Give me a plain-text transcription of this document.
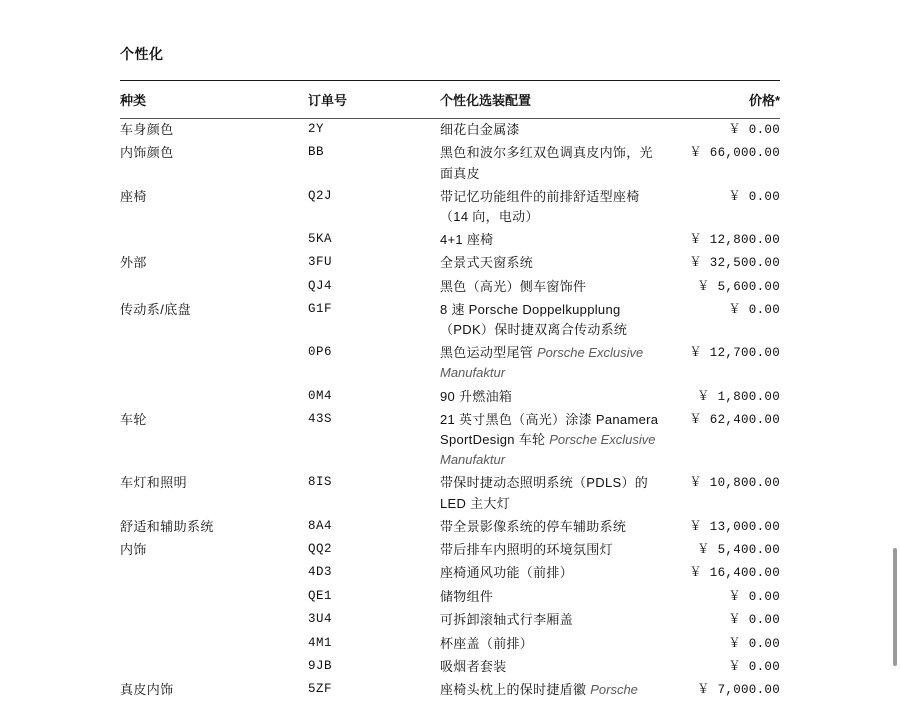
个性化
种类	订单号	个性化选装配置	价格*
车身颜色	2Y	细花白金属漆	￥ 0.00
内饰颜色	BB	黑色和波尔多红双色调真皮内饰，光面真皮	￥ 66,000.00
座椅	Q2J	带记忆功能组件的前排舒适型座椅（14 向，电动）	￥ 0.00
	5KA	4+1 座椅	￥ 12,800.00
外部	3FU	全景式天窗系统	￥ 32,500.00
	QJ4	黑色（高光）侧车窗饰件	￥ 5,600.00
传动系/底盘	G1F	8 速 Porsche Doppelkupplung（PDK）保时捷双离合传动系统	￥ 0.00
	0P6	黑色运动型尾管 Porsche Exclusive Manufaktur	￥ 12,700.00
	0M4	90 升燃油箱	￥ 1,800.00
车轮	43S	21 英寸黑色（高光）涂漆 Panamera SportDesign 车轮 Porsche Exclusive Manufaktur	￥ 62,400.00
车灯和照明	8IS	带保时捷动态照明系统（PDLS）的 LED 主大灯	￥ 10,800.00
舒适和辅助系统	8A4	带全景影像系统的停车辅助系统	￥ 13,000.00
内饰	QQ2	带后排车内照明的环境氛围灯	￥ 5,400.00
	4D3	座椅通风功能（前排）	￥ 16,400.00
	QE1	储物组件	￥ 0.00
	3U4	可拆卸滚轴式行李厢盖	￥ 0.00
	4M1	杯座盖（前排）	￥ 0.00
	9JB	吸烟者套装	￥ 0.00
真皮内饰	5ZF	座椅头枕上的保时捷盾徽 Porsche	￥ 7,000.00
